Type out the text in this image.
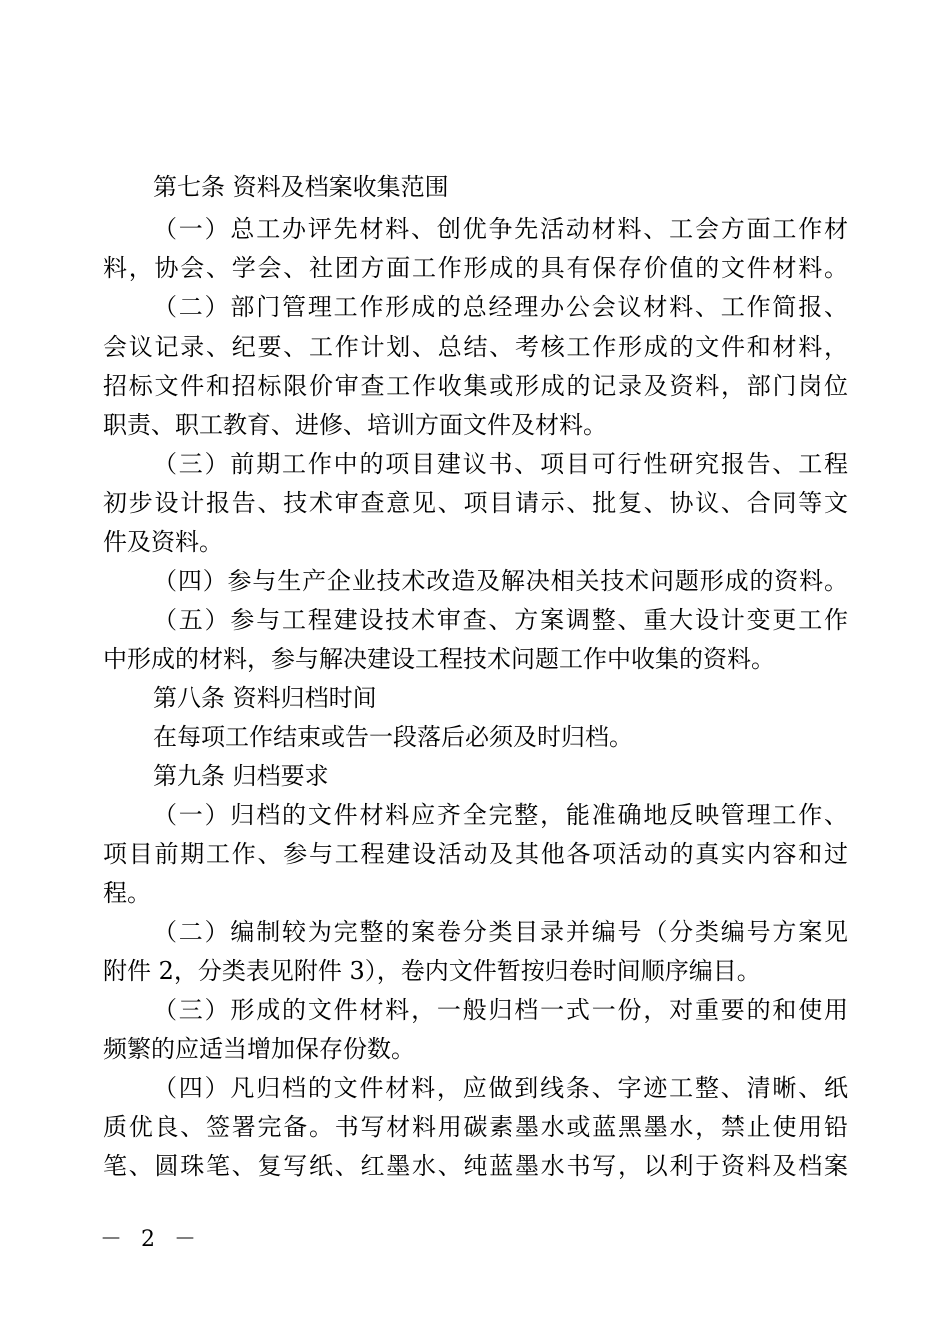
第七条 资料及档案收集范围
（一）总工办评先材料、创优争先活动材料、工会方面工作材
料，协会、学会、社团方面工作形成的具有保存价值的文件材料。
（二）部门管理工作形成的总经理办公会议材料、工作简报、
会议记录、纪要、工作计划、总结、考核工作形成的文件和材料，
招标文件和招标限价审查工作收集或形成的记录及资料，部门岗位
职责、职工教育、进修、培训方面文件及材料。
（三）前期工作中的项目建议书、项目可行性研究报告、工程
初步设计报告、技术审查意见、项目请示、批复、协议、合同等文
件及资料。
（四）参与生产企业技术改造及解决相关技术问题形成的资料。
（五）参与工程建设技术审查、方案调整、重大设计变更工作
中形成的材料，参与解决建设工程技术问题工作中收集的资料。
第八条 资料归档时间
在每项工作结束或告一段落后必须及时归档。
第九条 归档要求
（一）归档的文件材料应齐全完整，能准确地反映管理工作、
项目前期工作、参与工程建设活动及其他各项活动的真实内容和过
程。
（二）编制较为完整的案卷分类目录并编号（分类编号方案见
附件 2，分类表见附件 3），卷内文件暂按归卷时间顺序编目。
（三）形成的文件材料，一般归档一式一份，对重要的和使用
频繁的应适当增加保存份数。
（四）凡归档的文件材料，应做到线条、字迹工整、清晰、纸
质优良、签署完备。书写材料用碳素墨水或蓝黑墨水，禁止使用铅
笔、圆珠笔、复写纸、红墨水、纯蓝墨水书写，以利于资料及档案
－ 2 －
